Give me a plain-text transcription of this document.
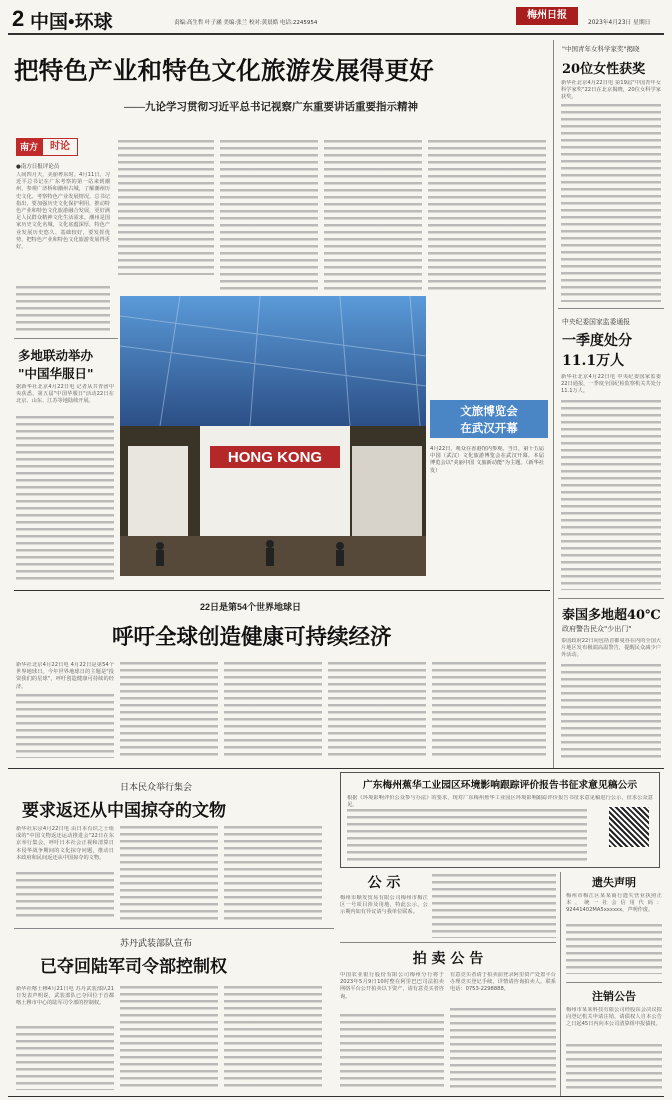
2 中国•环球	责编:高生哲 叶子涵 美编:张兰 校对:黄晨皓 电话:2245954
梅州日报
2023年4月23日 星期日
把特色产业和特色文化旅游发展得更好
——九论学习贯彻习近平总书记视察广东重要讲话重要指示精神
南方	时论
●南方日报评论员
人间四月天，美丽粤东时。4月11日，习近平总书记在广东考察的第一站来到潮州，参观广济桥和潮州古城，了解潮州历史文化、考察特色产业发展情况。总书记指出，要加强历史文化保护利用，推动特色产业和特色文化旅游融合发展，更好满足人民群众精神文化生活需求。潮州是国家历史文化名城，文化底蕴深厚，特色产业发展历史悠久、基础较好，要发挥优势，把特色产业和特色文化旅游发展得更好。
"中国青年女科学家奖"揭晓
20位女性获奖
新华社北京4月22日电 第19届"中国青年女科学家奖"22日在北京揭晓，20位女科学家获奖。
中央纪委国家监委通报
一季度处分
11.1万人
新华社北京4月22日电 中央纪委国家监委22日通报，一季度全国纪检监察机关共处分11.1万人。
泰国多地超40℃
政府警告民众"少出门"
泰国政府22日向包括首都曼谷在内的全国大片地区发布极端高温警告，提醒民众减少户外活动。
多地联动举办
"中国华服日"
据新华社北京4月22日电 记者从共青团中央获悉，第五届"中国华服日"活动22日在北京、山东、江苏等地陆续开展。
HONG KONG
文旅博览会
在武汉开幕
4月22日，观众在香港馆内参观。当日，第十五届中国（武汉）文化旅游博览会在武汉开幕。本届博览会以"美丽中国 文旅新动能"为主题。（新华社发）
22日是第54个世界地球日
呼吁全球创造健康可持续经济
新华社北京4月22日电 4月22日是第54个世界地球日。今年世界地球日的主题是"投资我们的星球"，呼吁创造健康可持续的经济。
日本民众举行集会
要求返还从中国掠夺的文物
新华社东京4月22日电 由日本有识之士组成的"中国文物返还运动推进会"22日在东京举行集会，呼吁日本社会正视和清算日本侵华战争期间的文化掠夺问题，推动日本政府和民间返还从中国掠夺的文物。
苏丹武装部队宣布
已夺回陆军司令部控制权
新华社喀土穆4月21日电 苏丹武装部队21日发表声明说，武装部队已夺回位于首都喀土穆市中心的陆军司令部的控制权。
广东梅州蕉华工业园区环境影响跟踪评价报告书征求意见稿公示
根据《环境影响评价公众参与办法》的要求，现对广东梅州蕉华工业园区环境影响跟踪评价报告书征求意见稿进行公示，征求公众意见。
公 示
梅州市顺发贸易有限公司梅州市梅江区一号项目涉及用地，特此公示，公示期内如有异议请与我单位联系。
拍 卖 公 告
中国农业银行股份有限公司梅州分行将于2023年5月9日10时整在阿里巴巴司法拍卖网络平台公开拍卖以下资产，请有意竞买者咨询。
有意竞买者请于拍卖前登录阿里资产处置平台办理竞买登记手续，详情请咨询拍卖人。联系电话：0753-2298888。
遗失声明
梅州市梅江区某某商行遗失营业执照正本，统一社会信用代码：92441402MA5xxxxxx，声明作废。
注销公告
梅州市某某科技有限公司经股东会决议拟向登记机关申请注销，请债权人自本公告之日起45日内向本公司清算组申报债权。
